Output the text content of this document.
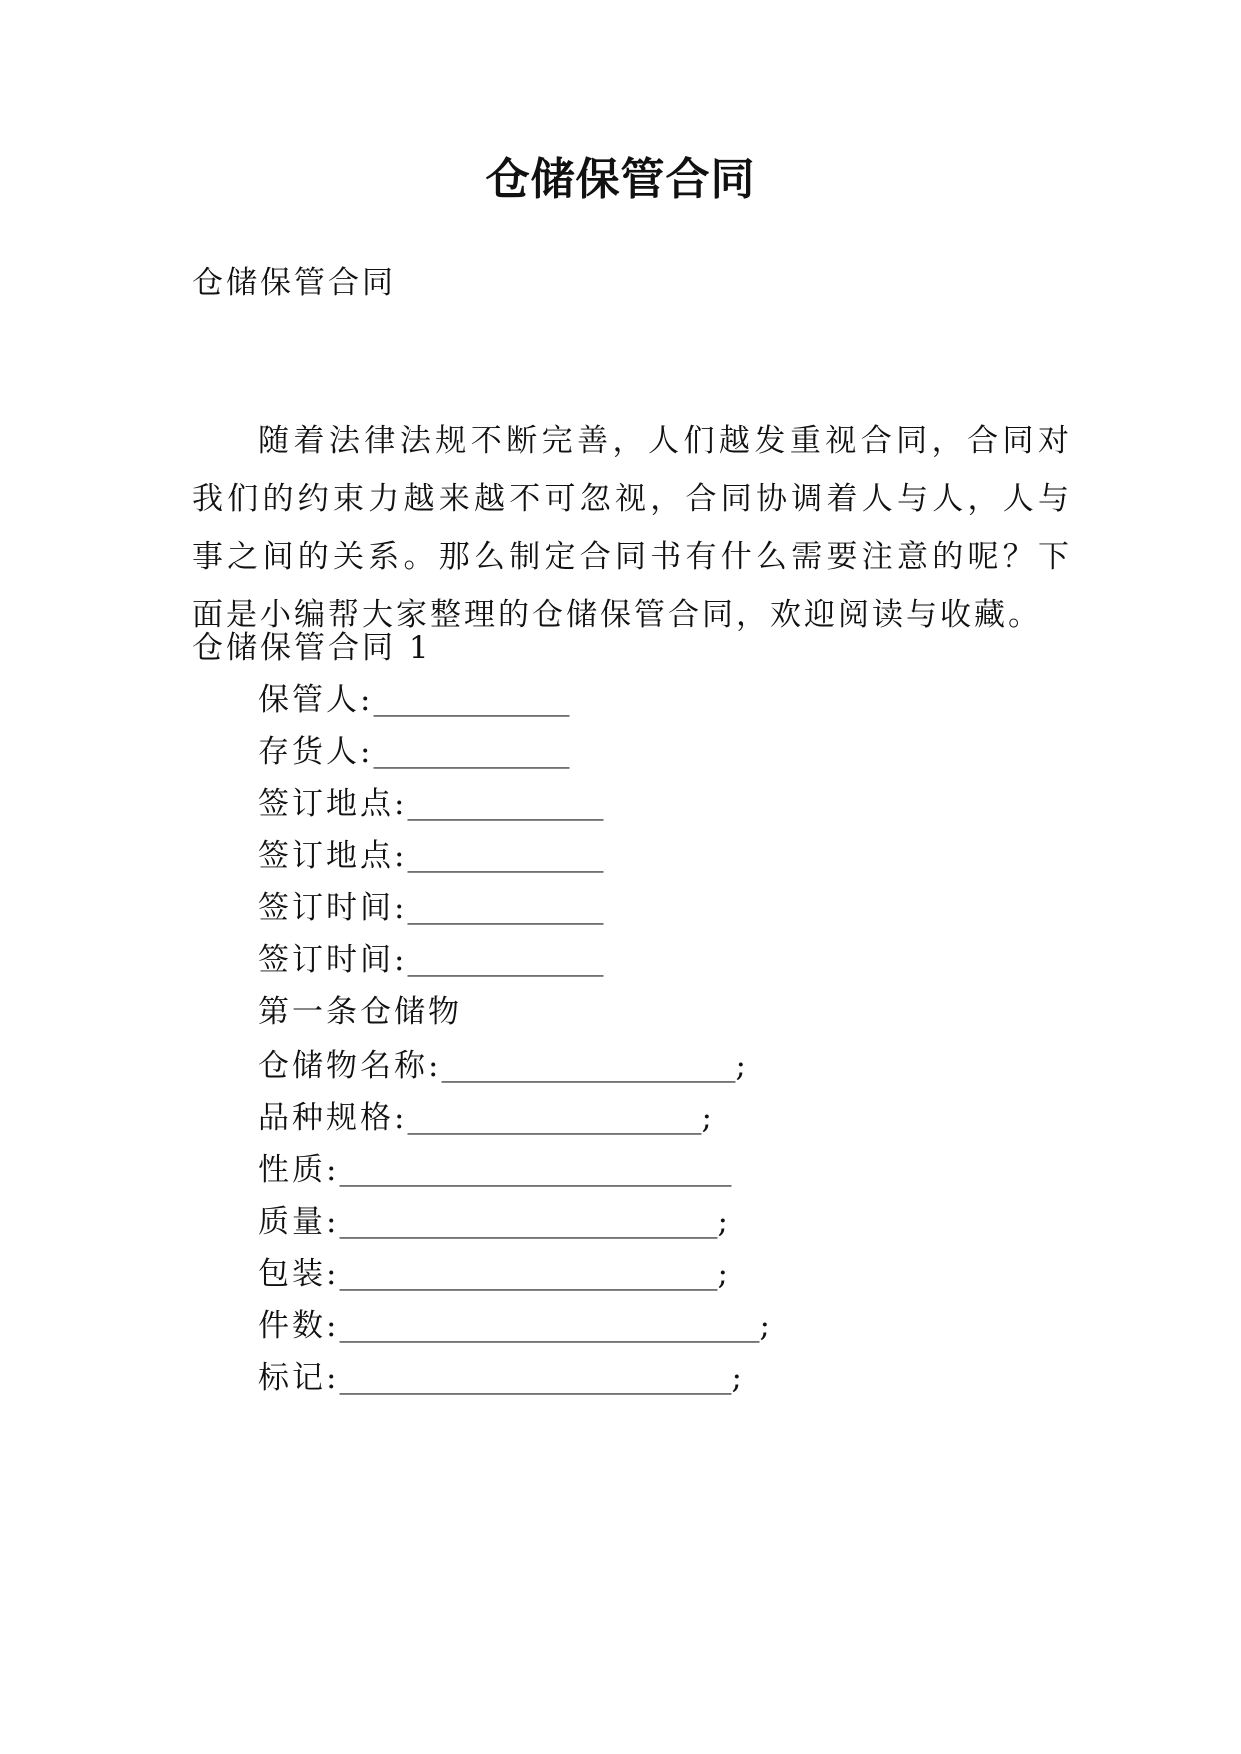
仓储保管合同
仓储保管合同
随着法律法规不断完善，人们越发重视合同，合同对我们的约束力越来越不可忽视，合同协调着人与人，人与事之间的关系。那么制定合同书有什么需要注意的呢？下面是小编帮大家整理的仓储保管合同，欢迎阅读与收藏。
仓储保管合同 1
保管人:______________
存货人:______________
签订地点:______________
签订地点:______________
签订时间:______________
签订时间:______________
第一条仓储物
仓储物名称:_____________________;
品种规格:_____________________;
性质:____________________________
质量:___________________________;
包装:___________________________;
件数:______________________________;
标记:____________________________;
